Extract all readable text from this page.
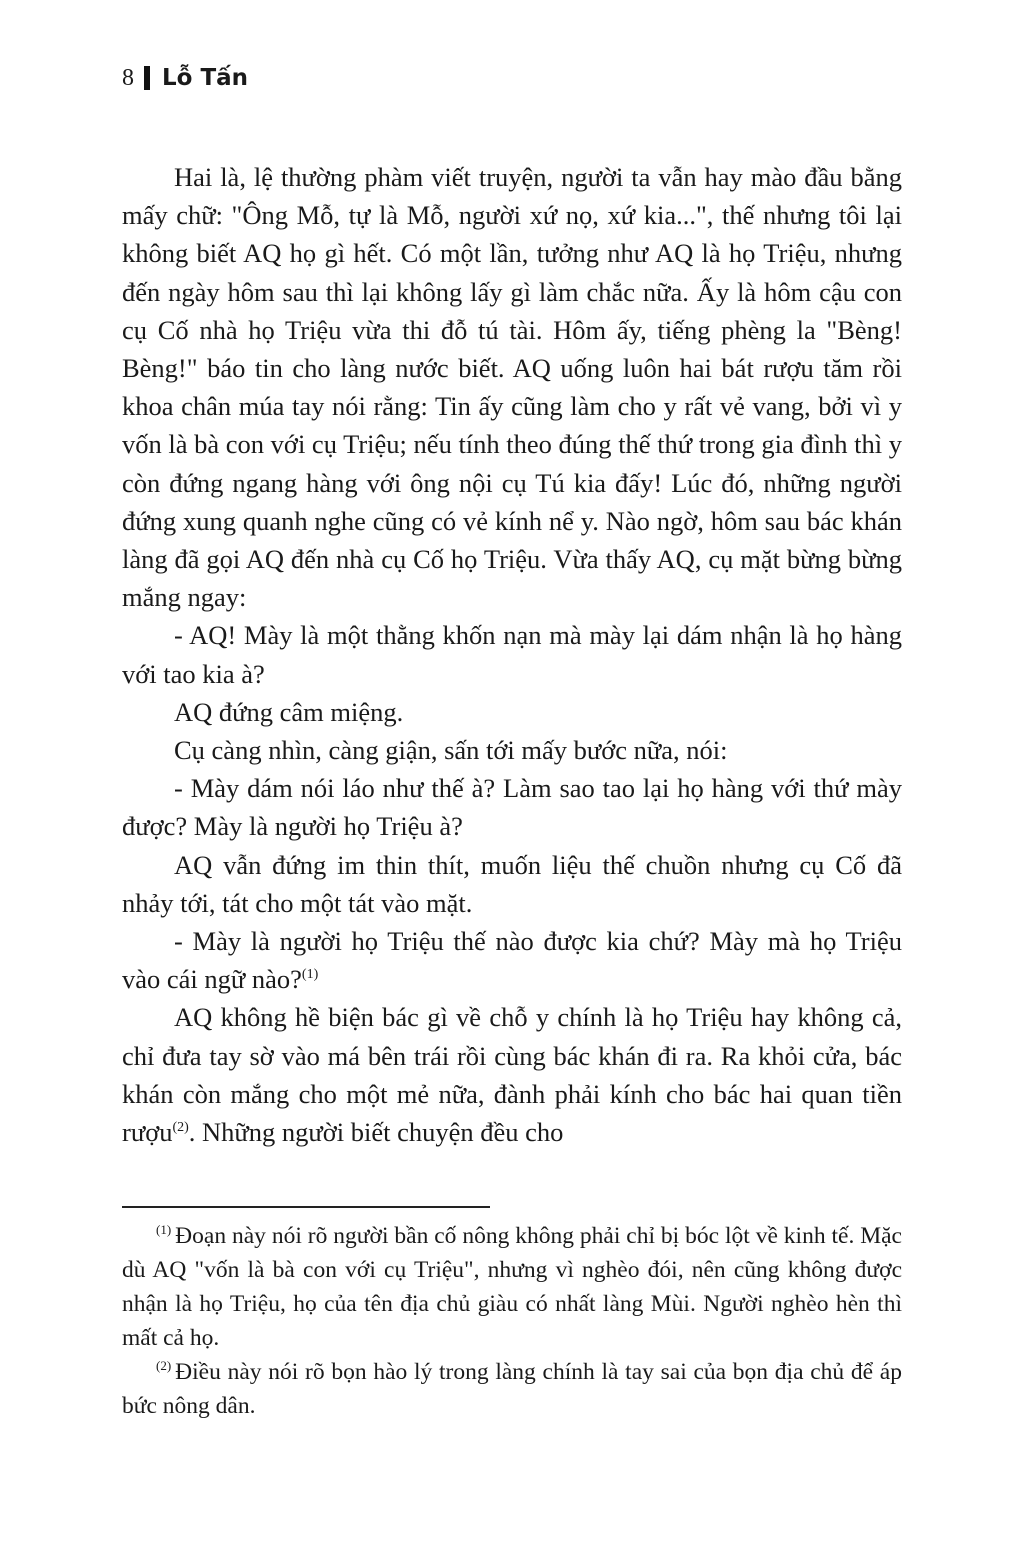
8 Lỗ Tấn

Hai là, lệ thường phàm viết truyện, người ta vẫn hay mào đầu bằng mấy chữ: "Ông Mỗ, tự là Mỗ, người xứ nọ, xứ kia...", thế nhưng tôi lại không biết AQ họ gì hết. Có một lần, tưởng như AQ là họ Triệu, nhưng đến ngày hôm sau thì lại không lấy gì làm chắc nữa. Ấy là hôm cậu con cụ Cố nhà họ Triệu vừa thi đỗ tú tài. Hôm ấy, tiếng phèng la "Bèng! Bèng!" báo tin cho làng nước biết. AQ uống luôn hai bát rượu tăm rồi khoa chân múa tay nói rằng: Tin ấy cũng làm cho y rất vẻ vang, bởi vì y vốn là bà con với cụ Triệu; nếu tính theo đúng thế thứ trong gia đình thì y còn đứng ngang hàng với ông nội cụ Tú kia đấy! Lúc đó, những người đứng xung quanh nghe cũng có vẻ kính nể y. Nào ngờ, hôm sau bác khán làng đã gọi AQ đến nhà cụ Cố họ Triệu. Vừa thấy AQ, cụ mặt bừng bừng mắng ngay:

- AQ! Mày là một thằng khốn nạn mà mày lại dám nhận là họ hàng với tao kia à?

AQ đứng câm miệng.

Cụ càng nhìn, càng giận, sấn tới mấy bước nữa, nói:

- Mày dám nói láo như thế à? Làm sao tao lại họ hàng với thứ mày được? Mày là người họ Triệu à?

AQ vẫn đứng im thin thít, muốn liệu thế chuồn nhưng cụ Cố đã nhảy tới, tát cho một tát vào mặt.

- Mày là người họ Triệu thế nào được kia chứ? Mày mà họ Triệu vào cái ngữ nào?$^{(1)}$

AQ không hề biện bác gì về chỗ y chính là họ Triệu hay không cả, chỉ đưa tay sờ vào má bên trái rồi cùng bác khán đi ra. Ra khỏi cửa, bác khán còn mắng cho một mẻ nữa, đành phải kính cho bác hai quan tiền rượu$^{(2)}$. Những người biết chuyện đều cho

$^{(1)}$ Đoạn này nói rõ người bần cố nông không phải chỉ bị bóc lột về kinh tế. Mặc dù AQ "vốn là bà con với cụ Triệu", nhưng vì nghèo đói, nên cũng không được nhận là họ Triệu, họ của tên địa chủ giàu có nhất làng Mùi. Người nghèo hèn thì mất cả họ.

$^{(2)}$ Điều này nói rõ bọn hào lý trong làng chính là tay sai của bọn địa chủ để áp bức nông dân.
